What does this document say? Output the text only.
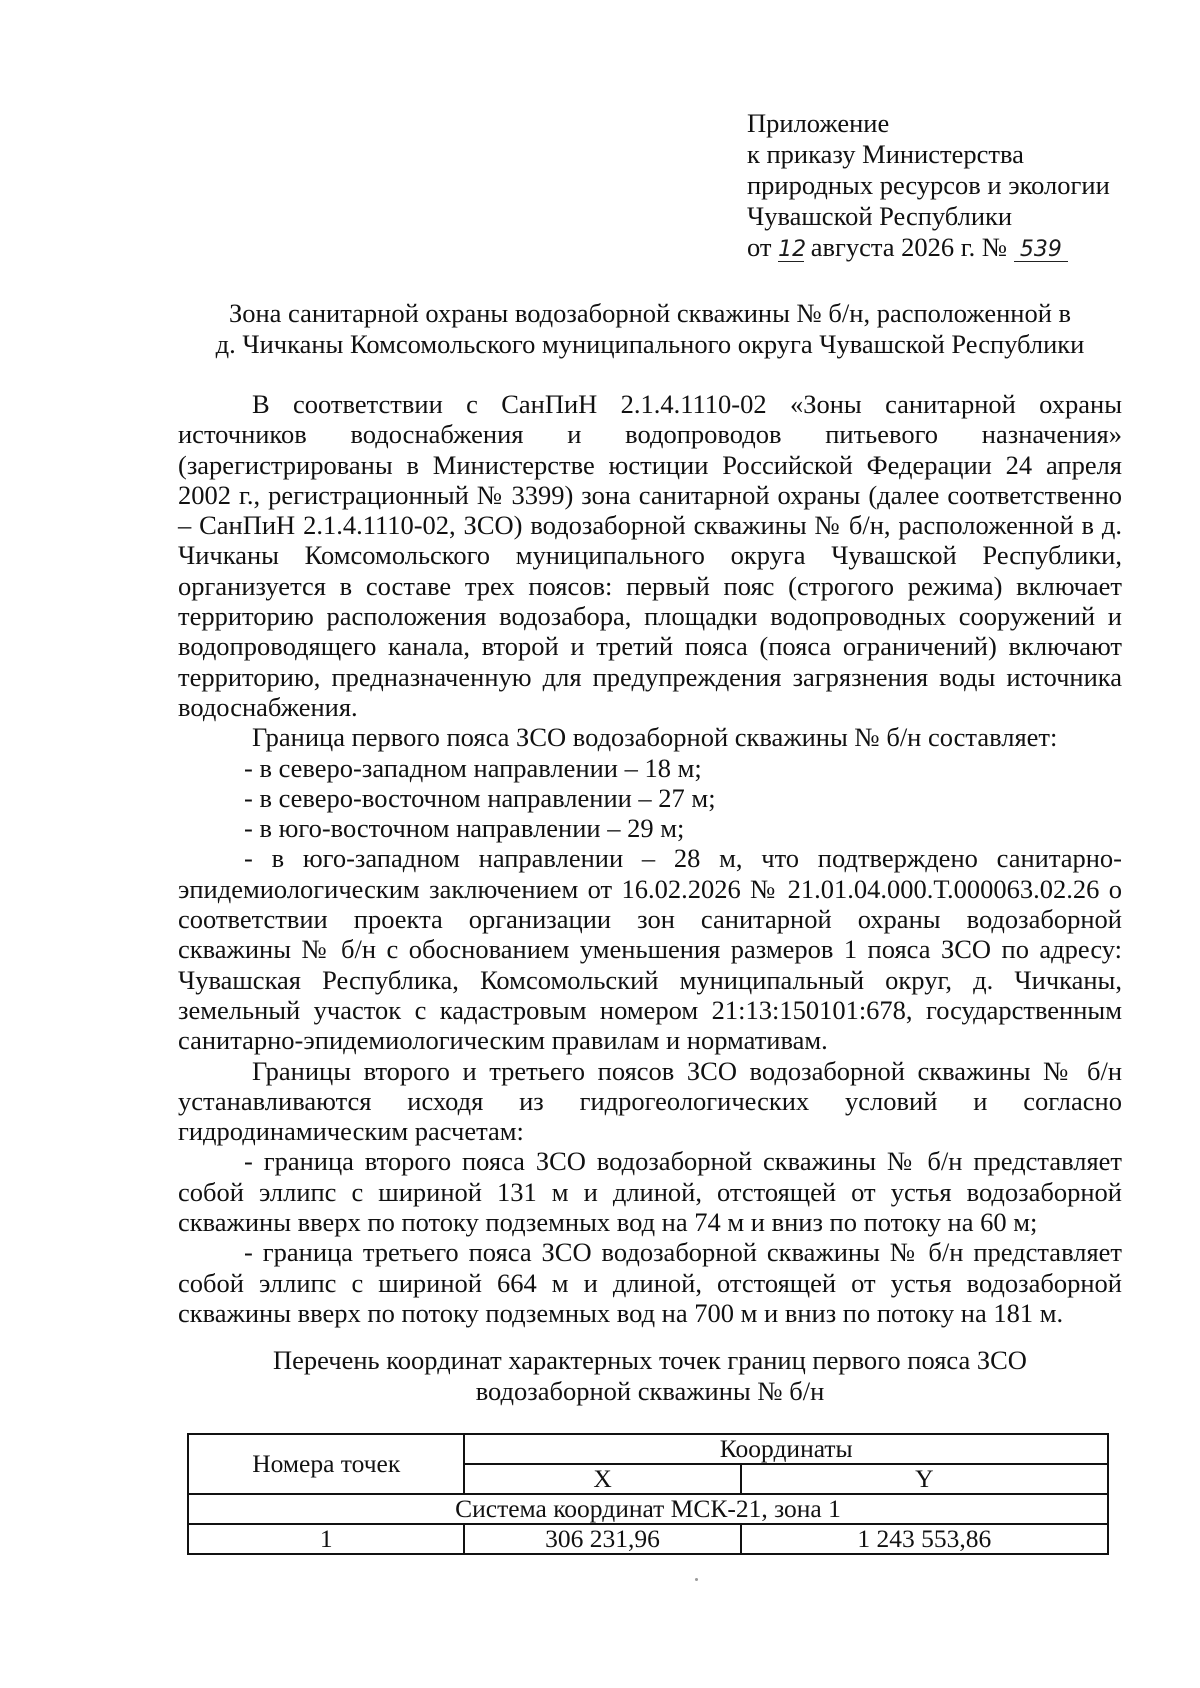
Приложение
к приказу Министерства
природных ресурсов и экологии
Чувашской Республики
от 12 августа 2026 г. № 539
Зона санитарной охраны водозаборной скважины № б/н, расположенной в
д. Чичканы Комсомольского муниципального округа Чувашской Республики

В соответствии с СанПиН 2.1.4.1110-02 «Зоны санитарной охраны источников водоснабжения и водопроводов питьевого назначения» (зарегистрированы в Министерстве юстиции Российской Федерации 24 апреля 2002 г., регистрационный № 3399) зона санитарной охраны (далее соответственно – СанПиН 2.1.4.1110-02, ЗСО) водозаборной скважины № б/н, расположенной в д. Чичканы Комсомольского муниципального округа Чувашской Республики, организуется в составе трех поясов: первый пояс (строгого режима) включает территорию расположения водозабора, площадки водопроводных сооружений и водопроводящего канала, второй и третий пояса (пояса ограничений) включают территорию, предназначенную для предупреждения загрязнения воды источника водоснабжения.

Граница первого пояса ЗСО водозаборной скважины № б/н составляет:

- в северо-западном направлении – 18 м;

- в северо-восточном направлении – 27 м;

- в юго-восточном направлении – 29 м;

- в юго-западном направлении – 28 м, что подтверждено санитарно-эпидемиологическим заключением от 16.02.2026 № 21.01.04.000.Т.000063.02.26 о соответствии проекта организации зон санитарной охраны водозаборной скважины № б/н с обоснованием уменьшения размеров 1 пояса ЗСО по адресу: Чувашская Республика, Комсомольский муниципальный округ, д. Чичканы, земельный участок с кадастровым номером 21:13:150101:678, государственным санитарно-эпидемиологическим правилам и нормативам.

Границы второго и третьего поясов ЗСО водозаборной скважины № б/н устанавливаются исходя из гидрогеологических условий и согласно гидродинамическим расчетам:

- граница второго пояса ЗСО водозаборной скважины № б/н представляет собой эллипс с шириной 131 м и длиной, отстоящей от устья водозаборной скважины вверх по потоку подземных вод на 74 м и вниз по потоку на 60 м;

- граница третьего пояса ЗСО водозаборной скважины № б/н представляет собой эллипс с шириной 664 м и длиной, отстоящей от устья водозаборной скважины вверх по потоку подземных вод на 700 м и вниз по потоку на 181 м.

Перечень координат характерных точек границ первого пояса ЗСО
водозаборной скважины № б/н
Номера точек	Координаты	
	X	Y
Система координат МСК-21, зона 1		
1	306 231,96	1 243 553,86
